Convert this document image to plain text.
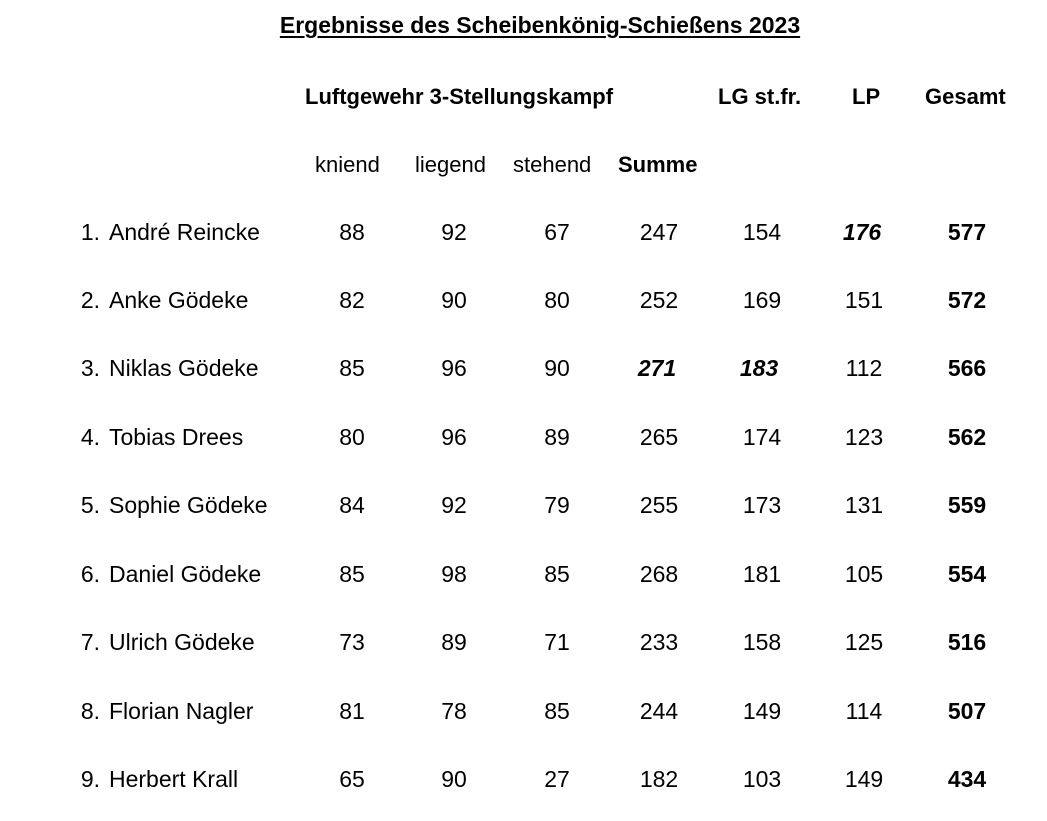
Ergebnisse des Scheibenkönig-Schießens 2023
Luftgewehr 3-Stellungskampf	LG st.fr. LP Gesamt
kniend liegend stehend Summe
1. André Reincke	88	92	67	247	154	176	577
2. Anke Gödeke	82	90	80	252	169	151	572
3. Niklas Gödeke	85	96	90	271	183	112	566
4. Tobias Drees	80	96	89	265	174	123	562
5. Sophie Gödeke	84	92	79	255	173	131	559
6. Daniel Gödeke	85	98	85	268	181	105	554
7. Ulrich Gödeke	73	89	71	233	158	125	516
8. Florian Nagler	81	78	85	244	149	114	507
9. Herbert Krall	65	90	27	182	103	149	434
